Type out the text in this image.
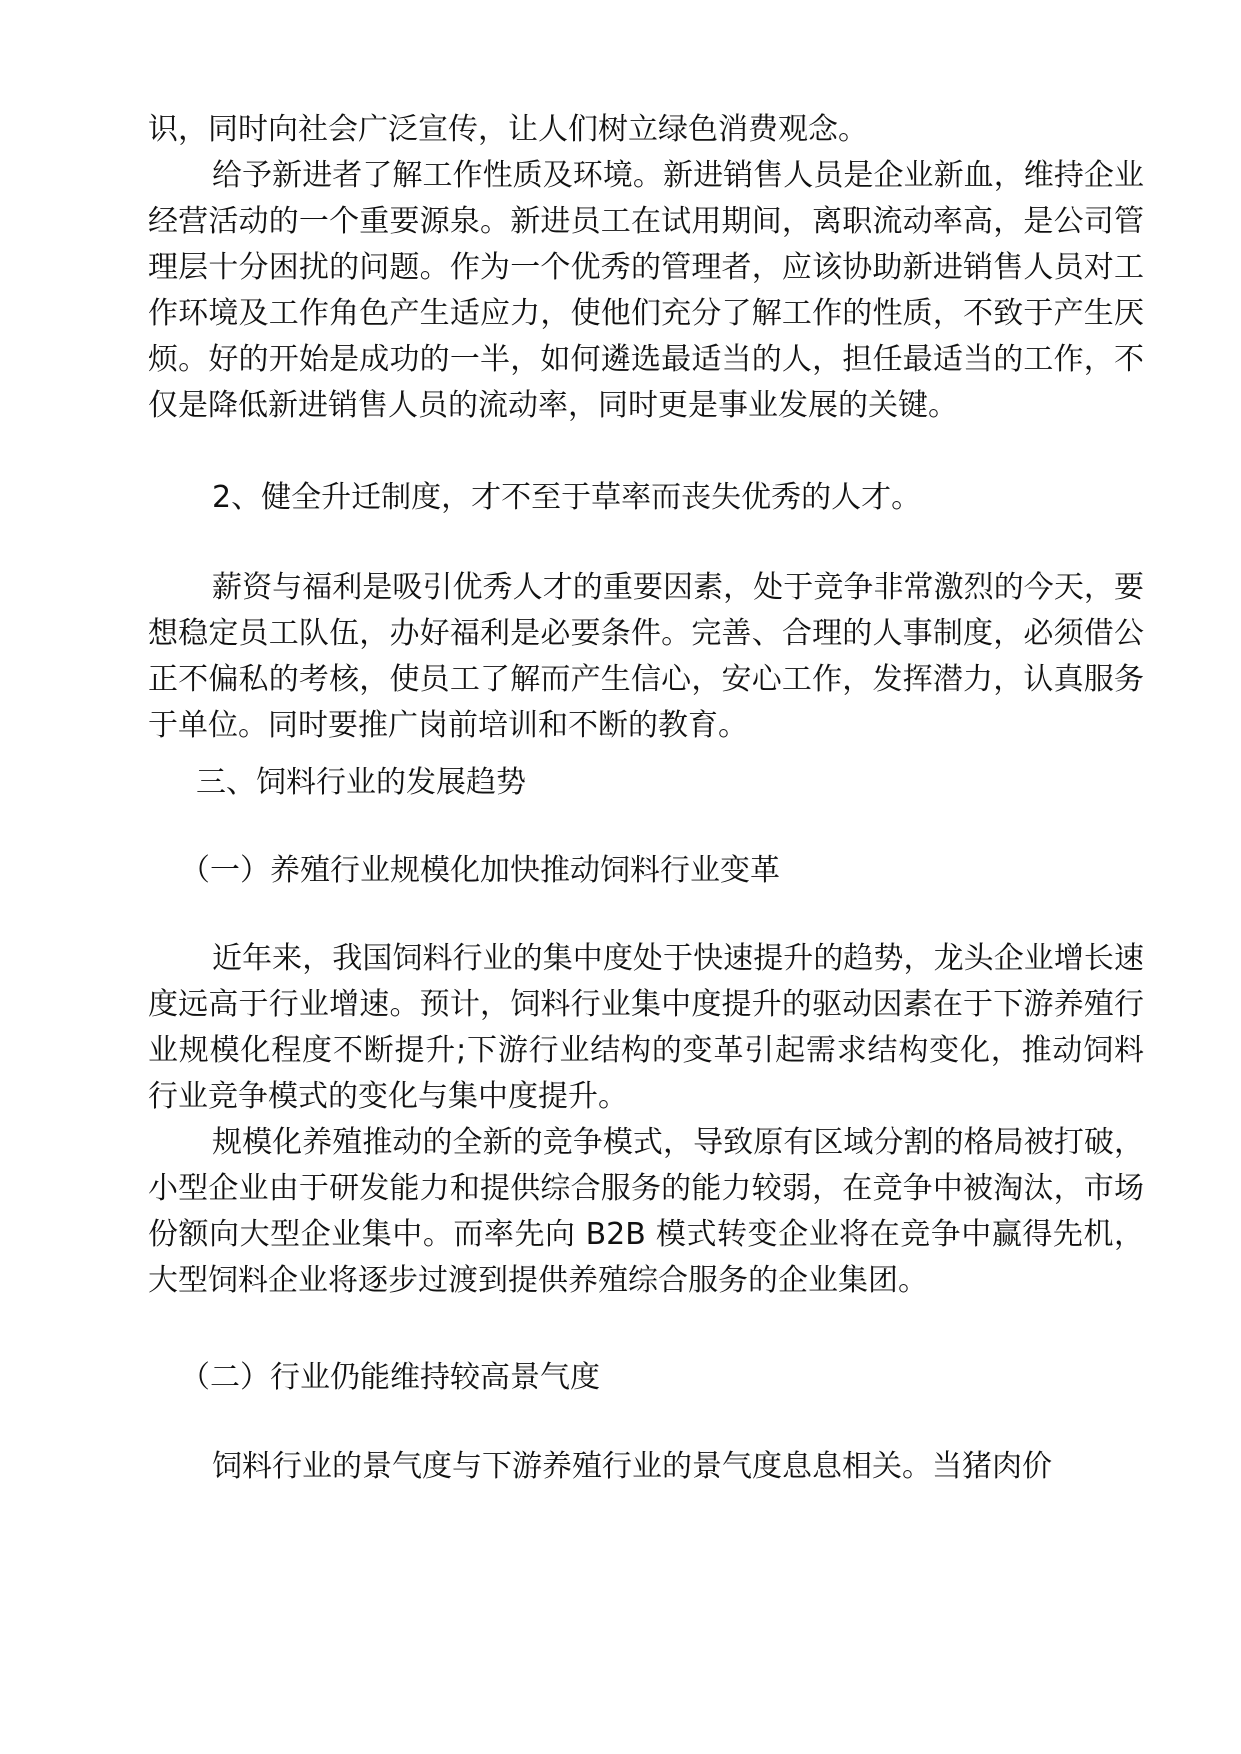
识，同时向社会广泛宣传，让人们树立绿色消费观念。

给予新进者了解工作性质及环境。新进销售人员是企业新血，维持企业经营活动的一个重要源泉。新进员工在试用期间，离职流动率高，是公司管理层十分困扰的问题。作为一个优秀的管理者，应该协助新进销售人员对工作环境及工作角色产生适应力，使他们充分了解工作的性质，不致于产生厌烦。好的开始是成功的一半，如何遴选最适当的人，担任最适当的工作，不仅是降低新进销售人员的流动率，同时更是事业发展的关键。

2、健全升迁制度，才不至于草率而丧失优秀的人才。

薪资与福利是吸引优秀人才的重要因素，处于竞争非常激烈的今天，要想稳定员工队伍，办好福利是必要条件。完善、合理的人事制度，必须借公正不偏私的考核，使员工了解而产生信心，安心工作，发挥潜力，认真服务于单位。同时要推广岗前培训和不断的教育。

三、饲料行业的发展趋势

（一）养殖行业规模化加快推动饲料行业变革

近年来，我国饲料行业的集中度处于快速提升的趋势，龙头企业增长速度远高于行业增速。预计，饲料行业集中度提升的驱动因素在于下游养殖行业规模化程度不断提升;下游行业结构的变革引起需求结构变化，推动饲料行业竞争模式的变化与集中度提升。

规模化养殖推动的全新的竞争模式，导致原有区域分割的格局被打破，小型企业由于研发能力和提供综合服务的能力较弱，在竞争中被淘汰，市场份额向大型企业集中。而率先向 B2B 模式转变企业将在竞争中赢得先机，大型饲料企业将逐步过渡到提供养殖综合服务的企业集团。

（二）行业仍能维持较高景气度

饲料行业的景气度与下游养殖行业的景气度息息相关。当猪肉价
